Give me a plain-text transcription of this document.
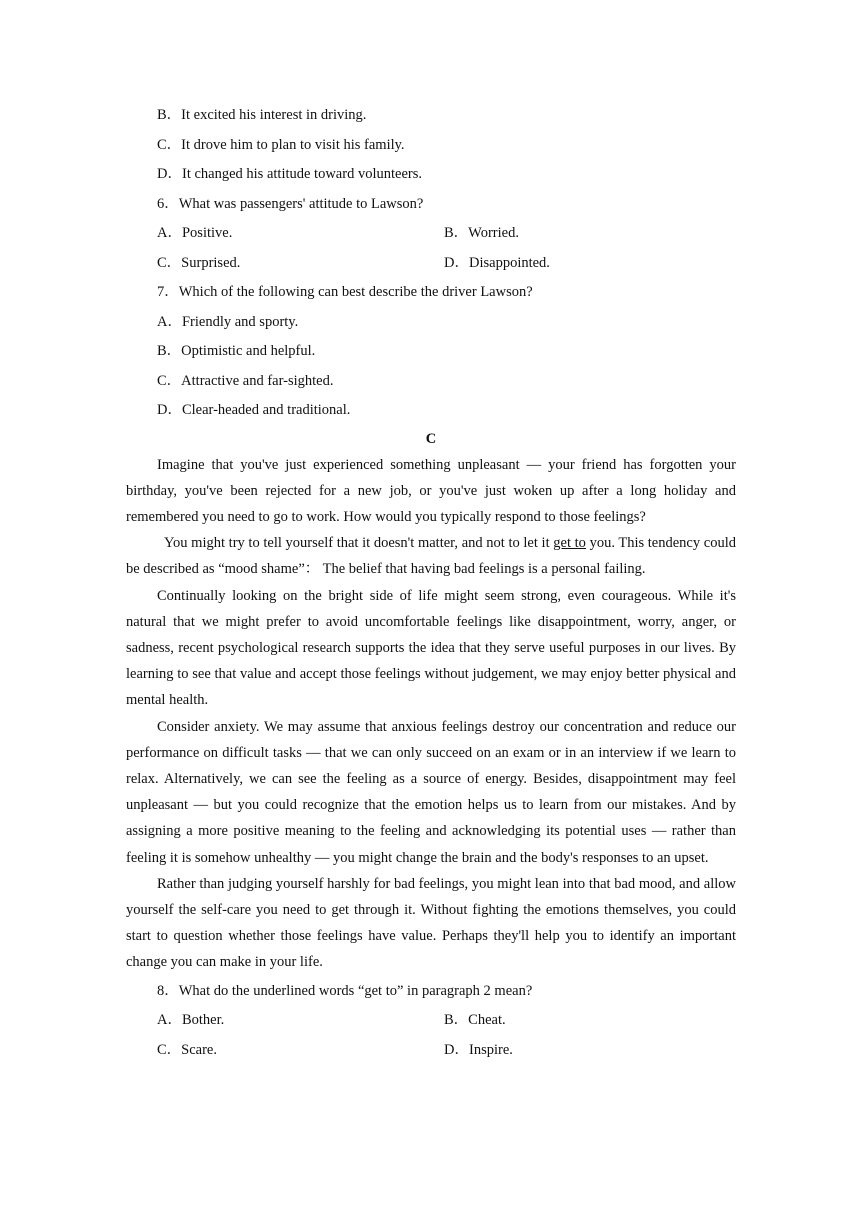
B．It excited his interest in driving.
C．It drove him to plan to visit his family.
D．It changed his attitude toward volunteers.
6．What was passengers' attitude to Lawson?
A．Positive.	B．Worried.
C．Surprised.	D．Disappointed.
7．Which of the following can best describe the driver Lawson?
A．Friendly and sporty.
B．Optimistic and helpful.
C．Attractive and far-sighted.
D．Clear-headed and traditional.
C

Imagine that you've just experienced something unpleasant — your friend has forgotten your birthday, you've been rejected for a new job, or you've just woken up after a long holiday and remembered you need to go to work. How would you typically respond to those feelings?

You might try to tell yourself that it doesn't matter, and not to let it get to you. This tendency could be described as “mood shame”： The belief that having bad feelings is a personal failing.

Continually looking on the bright side of life might seem strong, even courageous. While it's natural that we might prefer to avoid uncomfortable feelings like disappointment, worry, anger, or sadness, recent psychological research supports the idea that they serve useful purposes in our lives. By learning to see that value and accept those feelings without judgement, we may enjoy better physical and mental health.

Consider anxiety. We may assume that anxious feelings destroy our concentration and reduce our performance on difficult tasks — that we can only succeed on an exam or in an interview if we learn to relax. Alternatively, we can see the feeling as a source of energy. Besides, disappointment may feel unpleasant — but you could recognize that the emotion helps us to learn from our mistakes. And by assigning a more positive meaning to the feeling and acknowledging its potential uses — rather than feeling it is somehow unhealthy — you might change the brain and the body's responses to an upset.

Rather than judging yourself harshly for bad feelings, you might lean into that bad mood, and allow yourself the self-care you need to get through it. Without fighting the emotions themselves, you could start to question whether those feelings have value. Perhaps they'll help you to identify an important change you can make in your life.

8．What do the underlined words “get to” in paragraph 2 mean?
A．Bother.	B．Cheat.
C．Scare.	D．Inspire.
